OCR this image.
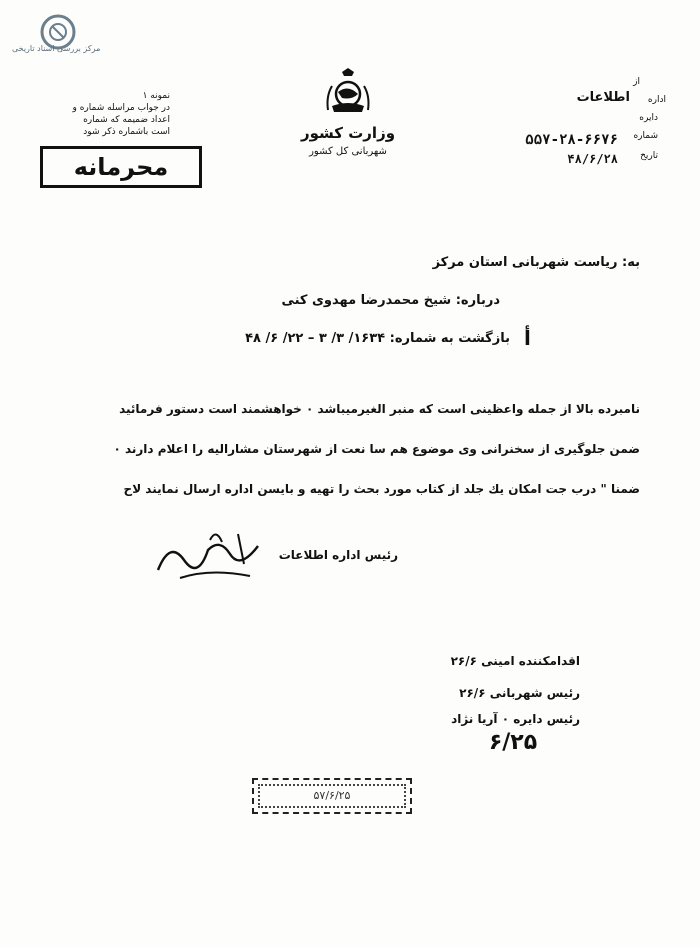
مرکز بررسی اسناد تاریخی
نمونه ۱
در جواب مراسله شماره و
اعداد ضمیمه که شماره
است باشماره ذکر شود
محرمانه
وزارت کشور
شهربانی کل کشور
از
اداره
اطلاعات
دایره
شماره
۵۵۷-۲۸-۶۶۷۶
تاریخ
۴۸/۶/۲۸
به: ریاست شهربانی استان مرکز
درباره: شیخ محمدرضا مهدوی کنی
بازگشت به شماره: ۱۶۳۴/ ۳/ ۳ – ۲۲/ ۶/ ۴۸ أ
نامبرده بالا از جمله واعظینی است که منبر الغیرمیباشد ۰ خواهشمند است دستور فرمائید
ضمن جلوگیری از سخنرانی وی موضوع هم سا نعت از شهرستان مشارالیه را اعلام دارند ۰
ضمنا " درب جت امکان یك جلد از کتاب مورد بحث را تهیه و بایسن اداره ارسال نمایند لاح
رئیس اداره اطلاعات
اقدامکننده امینی ۲۶/۶
رئیس شهربانی ۲۶/۶
رئیس دایره ۰ آریا نژاد
۶/۲۵
۵۷/۶/۲۵
